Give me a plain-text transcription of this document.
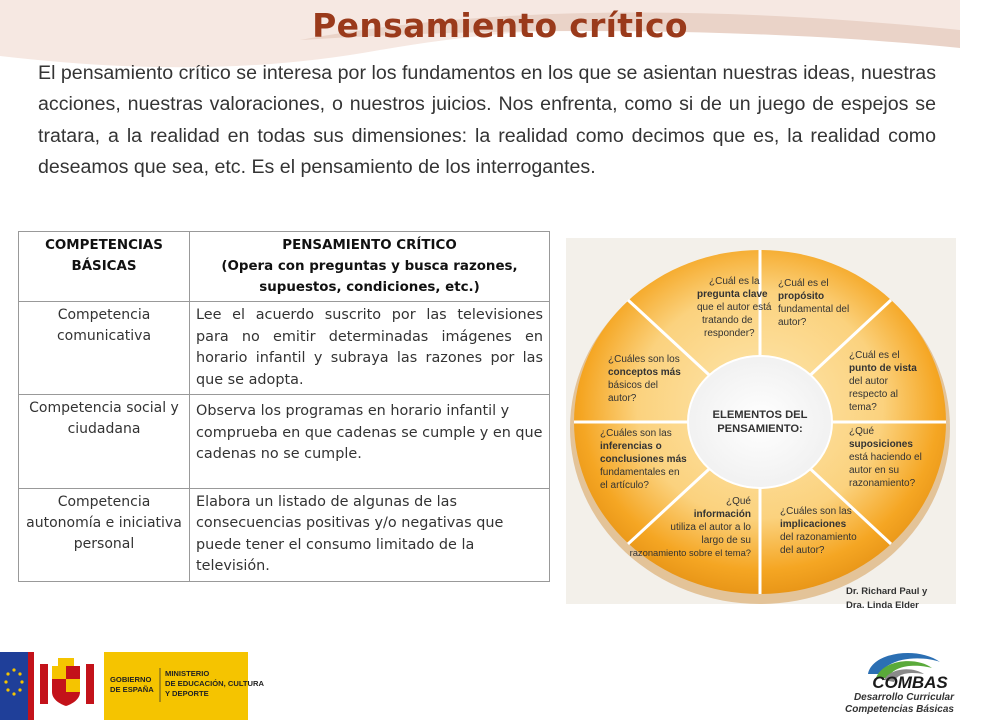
Pensamiento crítico
El pensamiento crítico se interesa por los fundamentos en los que se asientan nuestras ideas, nuestras acciones, nuestras valoraciones, o nuestros juicios. Nos enfrenta, como si de un juego de espejos se tratara, a la realidad en todas sus dimensiones: la realidad como decimos que es, la realidad como deseamos que sea, etc. Es el pensamiento de los interrogantes.
COMPETENCIAS
BÁSICAS	PENSAMIENTO CRÍTICO
(Opera con preguntas y busca razones, supuestos, condiciones, etc.)
Competencia comunicativa	Lee el acuerdo suscrito por las televisiones para no emitir determinadas imágenes en horario infantil y subraya las razones por las que se adopta.
Competencia social y ciudadana	Observa los programas en horario infantil y comprueba en que cadenas se cumple y en que cadenas no se cumple.
Competencia autonomía e iniciativa personal	Elabora un listado de algunas de las consecuencias positivas y/o negativas que puede tener el consumo limitado de la televisión.
ELEMENTOS DEL
PENSAMIENTO:
¿Cuál es la
pregunta clave
que el autor está
tratando de
responder?
¿Cuál es el
propósito
fundamental del
autor?
¿Cuál es el
punto de vista
del autor
respecto al
tema?
¿Qué
suposiciones
está haciendo el
autor en su
razonamiento?
¿Cuáles son las
implicaciones
del razonamiento
del autor?
¿Qué
información
utiliza el autor a lo
largo de su
razonamiento sobre el tema?
¿Cuáles son las
inferencias o
conclusiones más
fundamentales en
el artículo?
¿Cuáles son los
conceptos más
básicos del
autor?
Dr. Richard Paul y
Dra. Linda Elder
GOBIERNO
DE ESPAÑA
MINISTERIO
DE EDUCACIÓN, CULTURA
Y DEPORTE
COMBAS
Desarrollo Curricular
Competencias Básicas
